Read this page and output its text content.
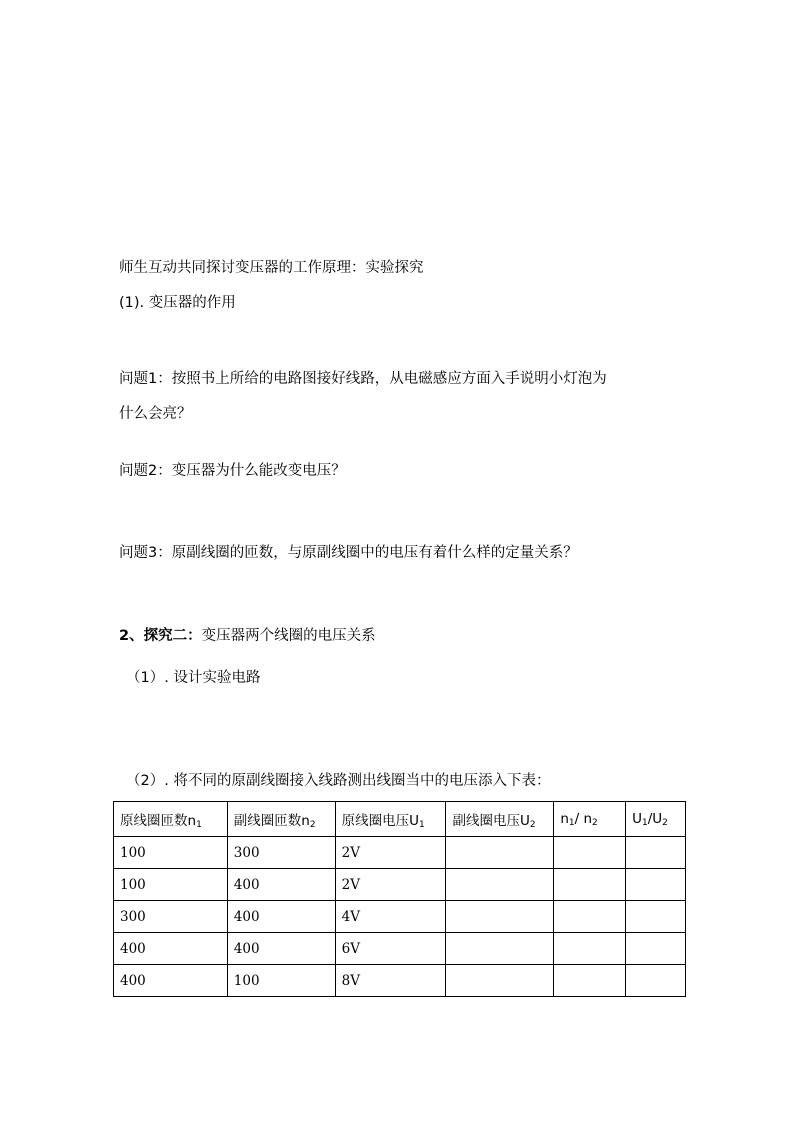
师生互动共同探讨变压器的工作原理：实验探究
(1). 变压器的作用
问题1：按照书上所给的电路图接好线路，从电磁感应方面入手说明小灯泡为
什么会亮？
问题2：变压器为什么能改变电压？
问题3：原副线圈的匝数，与原副线圈中的电压有着什么样的定量关系？
2、探究二：变压器两个线圈的电压关系
（1）. 设计实验电路
（2）. 将不同的原副线圈接入线路测出线圈当中的电压添入下表：
原线圈匝数$n_1$	副线圈匝数$n_2$	原线圈电压$U_1$	副线圈电压$U_2$	$n_1/$ $n_2$	$U_1/U_2$
100	300	2V			
100	400	2V			
300	400	4V			
400	400	6V			
400	100	8V			
